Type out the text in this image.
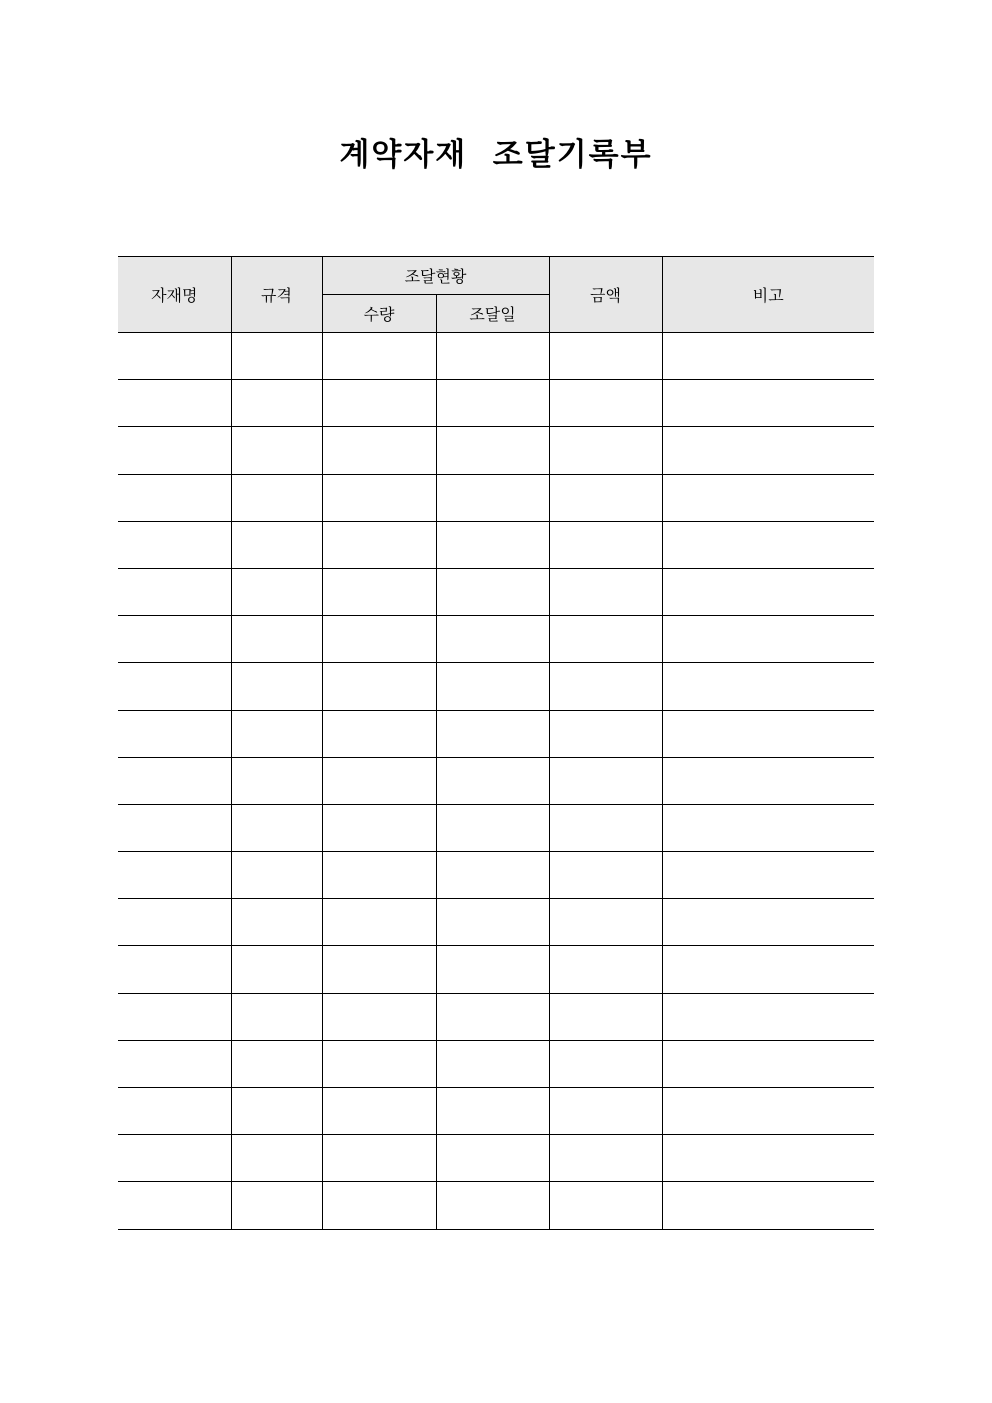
계약자재  조달기록부
자재명	규격	조달현황		금액	비고
		수량	조달일		
